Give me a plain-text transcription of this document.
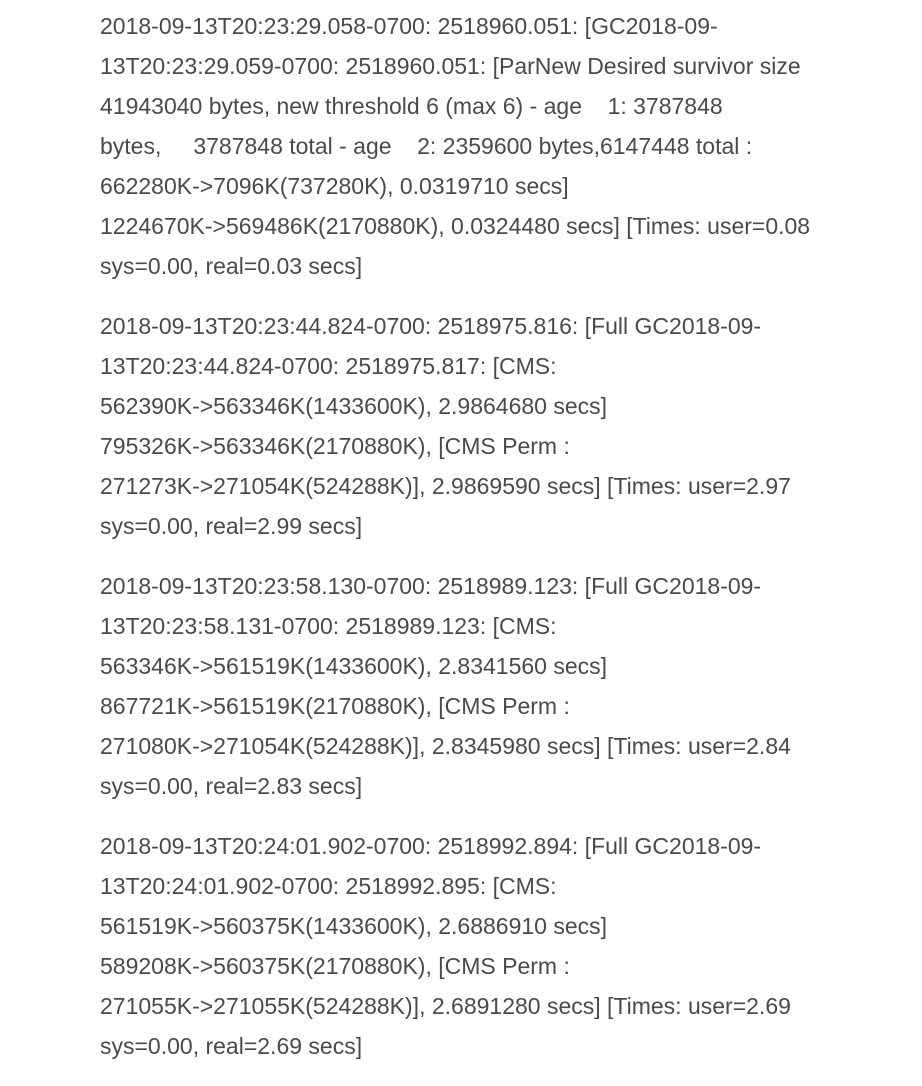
2018-09-13T20:23:29.058-0700: 2518960.051: [GC2018-09-
13T20:23:29.059-0700: 2518960.051: [ParNew Desired survivor size
41943040 bytes, new threshold 6 (max 6) - age    1: 3787848
bytes,     3787848 total - age    2: 2359600 bytes,6147448 total :
662280K->7096K(737280K), 0.0319710 secs]
1224670K->569486K(2170880K), 0.0324480 secs] [Times: user=0.08
sys=0.00, real=0.03 secs]
2018-09-13T20:23:44.824-0700: 2518975.816: [Full GC2018-09-
13T20:23:44.824-0700: 2518975.817: [CMS:
562390K->563346K(1433600K), 2.9864680 secs]
795326K->563346K(2170880K), [CMS Perm :
271273K->271054K(524288K)], 2.9869590 secs] [Times: user=2.97
sys=0.00, real=2.99 secs]
2018-09-13T20:23:58.130-0700: 2518989.123: [Full GC2018-09-
13T20:23:58.131-0700: 2518989.123: [CMS:
563346K->561519K(1433600K), 2.8341560 secs]
867721K->561519K(2170880K), [CMS Perm :
271080K->271054K(524288K)], 2.8345980 secs] [Times: user=2.84
sys=0.00, real=2.83 secs]
2018-09-13T20:24:01.902-0700: 2518992.894: [Full GC2018-09-
13T20:24:01.902-0700: 2518992.895: [CMS:
561519K->560375K(1433600K), 2.6886910 secs]
589208K->560375K(2170880K), [CMS Perm :
271055K->271055K(524288K)], 2.6891280 secs] [Times: user=2.69
sys=0.00, real=2.69 secs]
